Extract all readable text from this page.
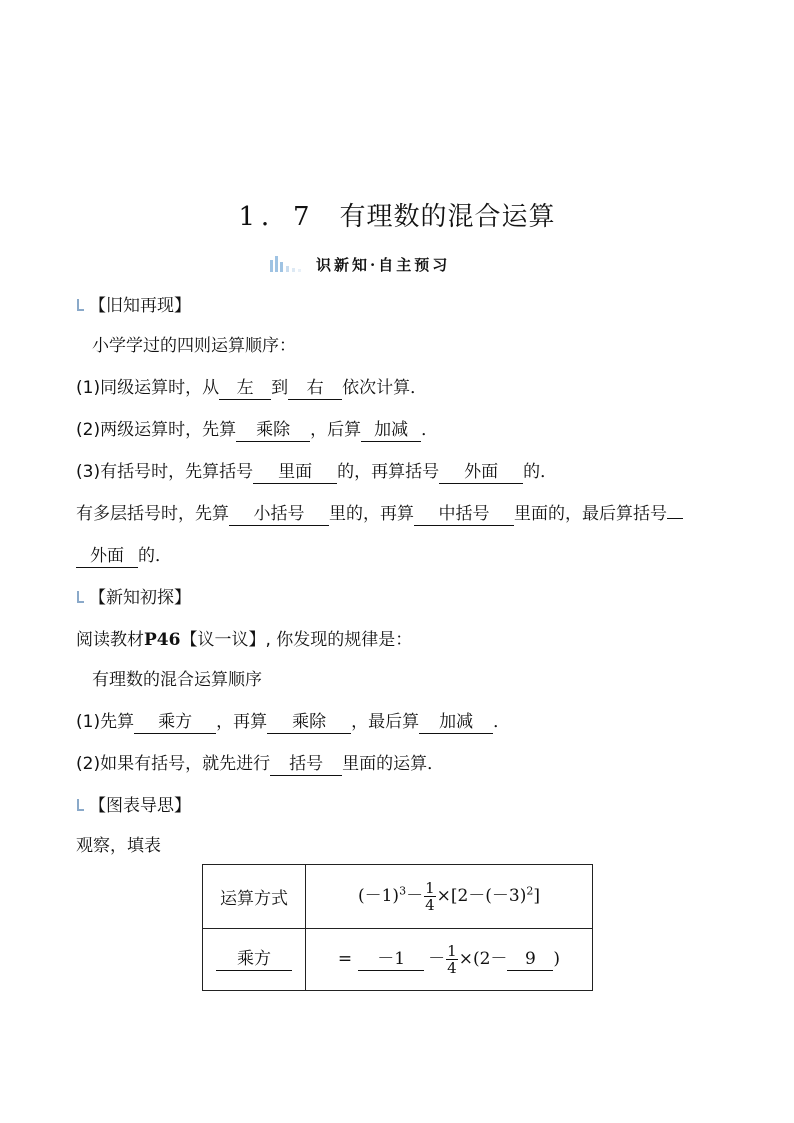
1．7 有理数的混合运算
识新知·自主预习
【旧知再现】
小学学过的四则运算顺序：
(1)同级运算时，从 左 到 右 依次计算．
(2)两级运算时，先算 乘除 ，后算 加减 ．
(3)有括号时，先算括号 里面 的，再算括号 外面 的．
有多层括号时，先算 小括号 里的，再算 中括号 里面的，最后算括号
外面 的．
【新知初探】
阅读教材P46【议一议】, 你发现的规律是：
有理数的混合运算顺序
(1)先算 乘方 ，再算 乘除 ，最后算 加减 ．
(2)如果有括号，就先进行 括号 里面的运算．
【图表导思】
观察，填表
运算方式	$(-1)^3- \frac{1}{4} \times[2-(-3)^2]$
乘方	= $-1 - \frac{1}{4} \times(2- 9$ )
